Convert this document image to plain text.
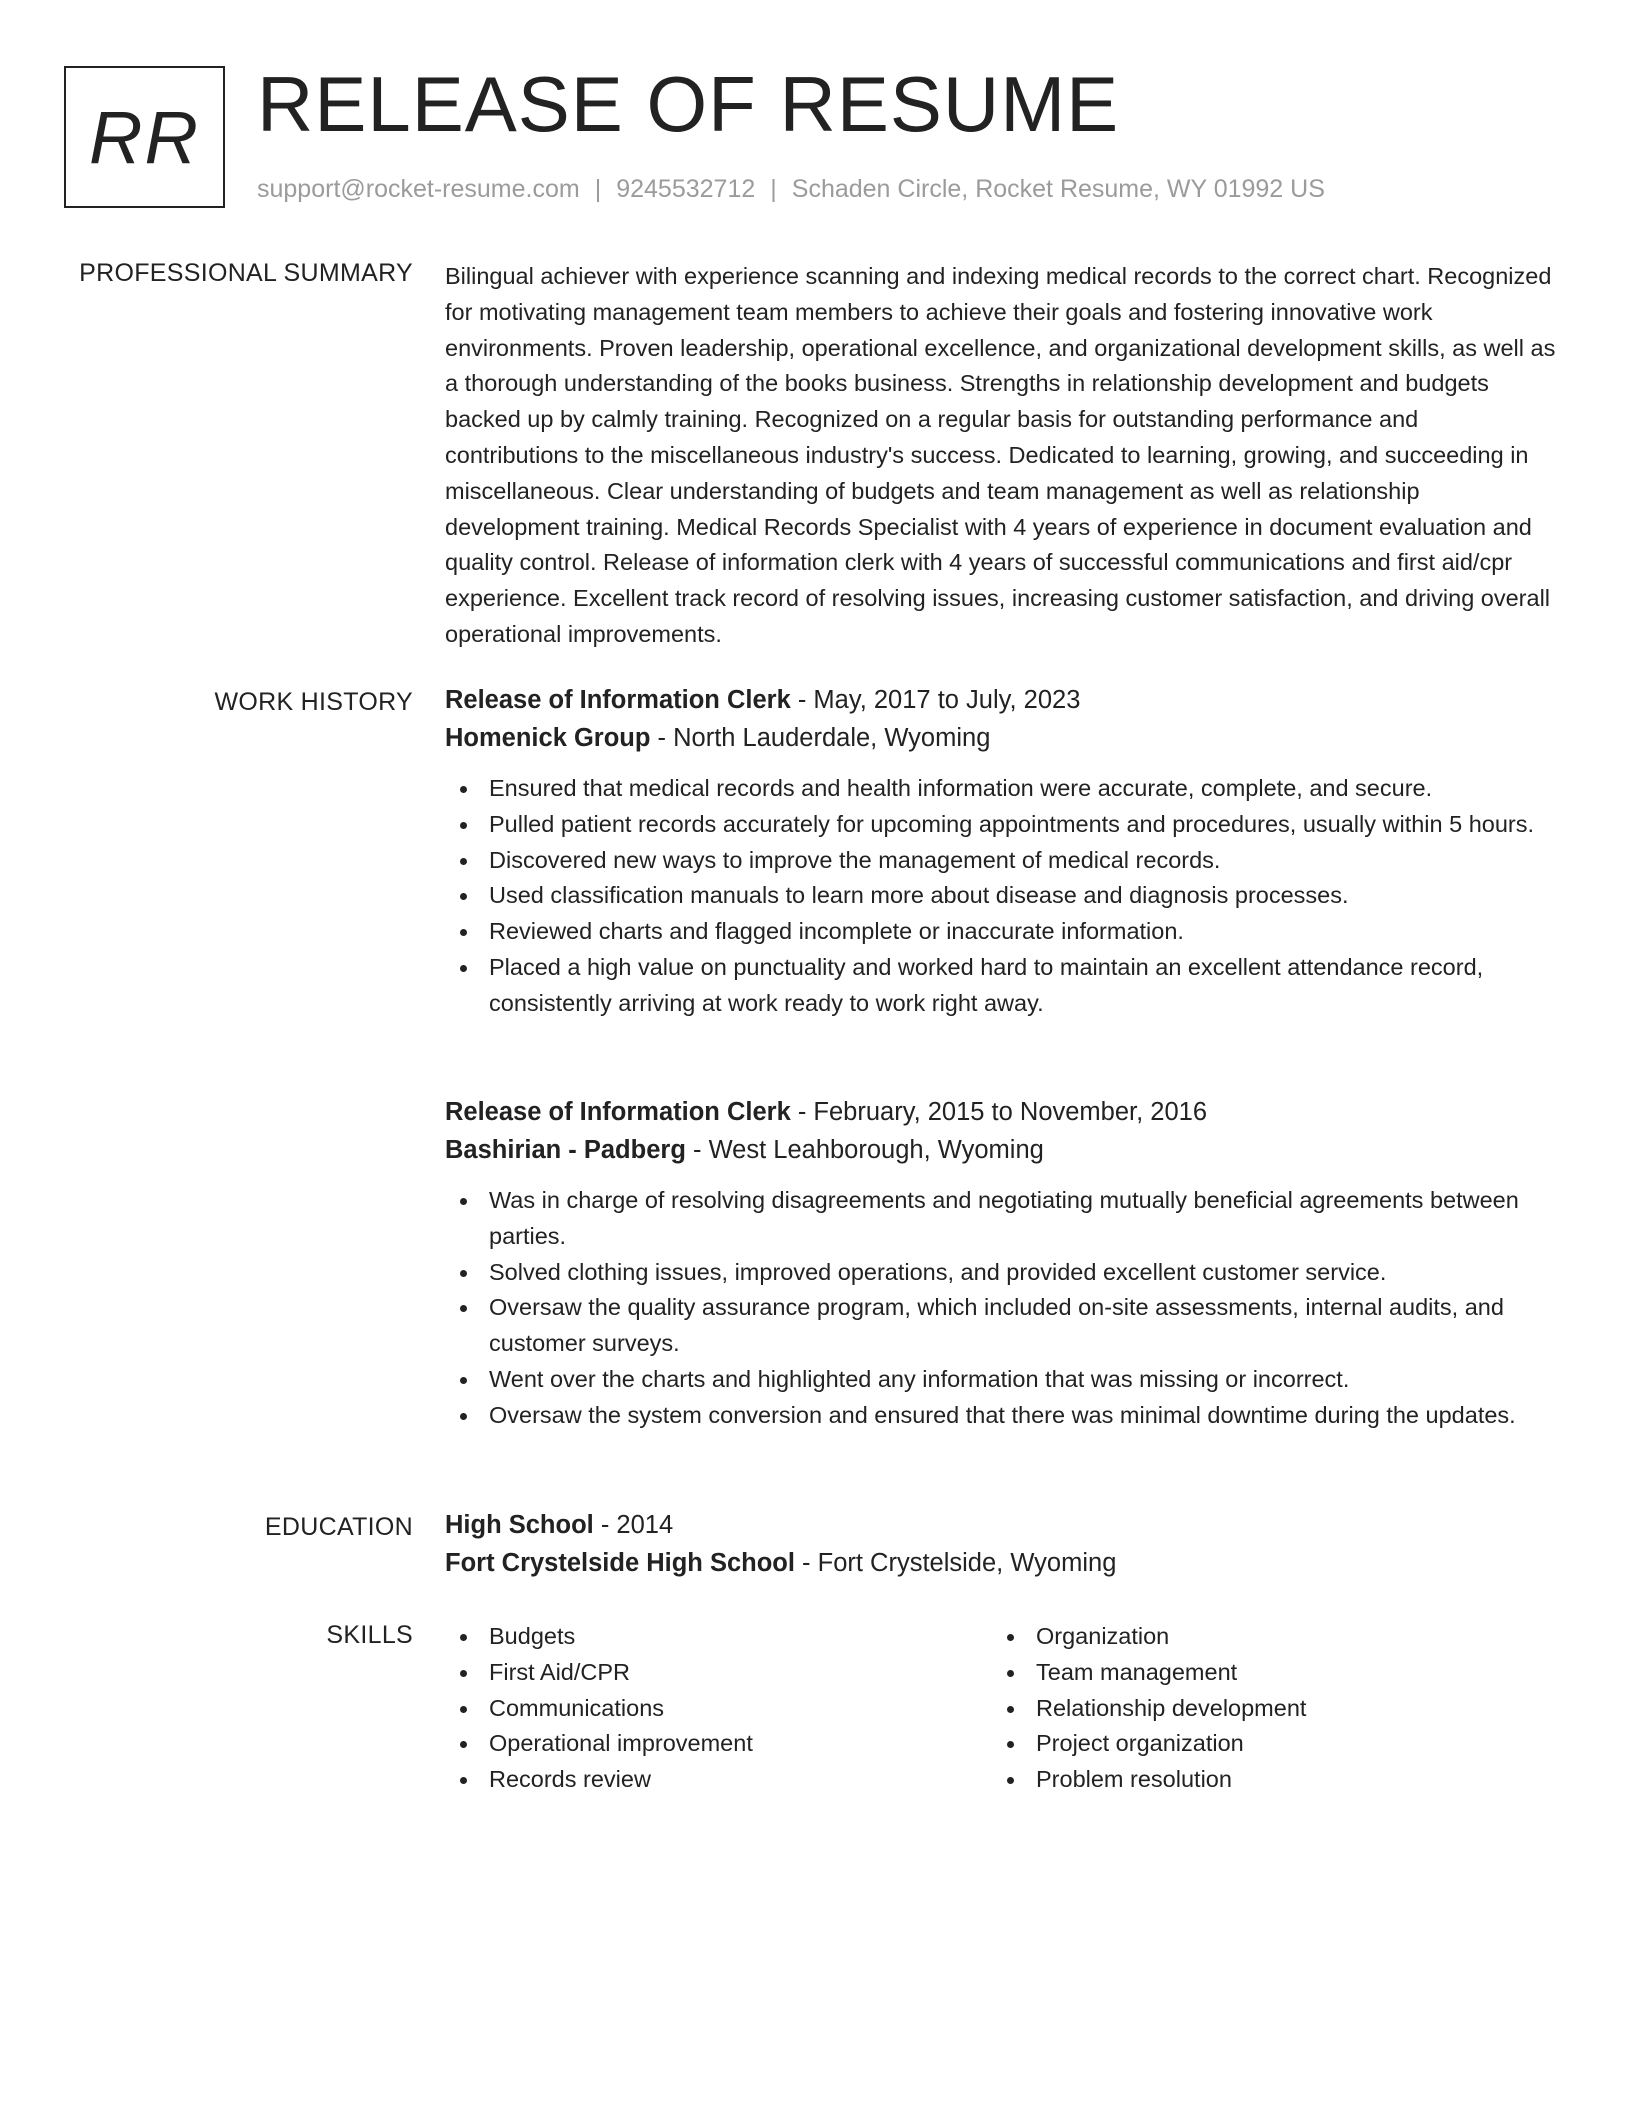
RR RELEASE OF RESUME
support@rocket-resume.com | 9245532712 | Schaden Circle, Rocket Resume, WY 01992 US
PROFESSIONAL SUMMARY Bilingual achiever with experience scanning and indexing medical records to the correct chart. Recognized for motivating management team members to achieve their goals and fostering innovative work environments. Proven leadership, operational excellence, and organizational development skills, as well as a thorough understanding of the books business. Strengths in relationship development and budgets backed up by calmly training. Recognized on a regular basis for outstanding performance and contributions to the miscellaneous industry's success. Dedicated to learning, growing, and succeeding in miscellaneous. Clear understanding of budgets and team management as well as relationship development training. Medical Records Specialist with 4 years of experience in document evaluation and quality control. Release of information clerk with 4 years of successful communications and first aid/cpr experience. Excellent track record of resolving issues, increasing customer satisfaction, and driving overall operational improvements.
WORK HISTORY Release of Information Clerk - May, 2017 to July, 2023
Homenick Group - North Lauderdale, Wyoming
Ensured that medical records and health information were accurate, complete, and secure.
Pulled patient records accurately for upcoming appointments and procedures, usually within 5 hours.
Discovered new ways to improve the management of medical records.
Used classification manuals to learn more about disease and diagnosis processes.
Reviewed charts and flagged incomplete or inaccurate information.
Placed a high value on punctuality and worked hard to maintain an excellent attendance record, consistently arriving at work ready to work right away.
Release of Information Clerk - February, 2015 to November, 2016
Bashirian - Padberg - West Leahborough, Wyoming
Was in charge of resolving disagreements and negotiating mutually beneficial agreements between parties.
Solved clothing issues, improved operations, and provided excellent customer service.
Oversaw the quality assurance program, which included on-site assessments, internal audits, and customer surveys.
Went over the charts and highlighted any information that was missing or incorrect.
Oversaw the system conversion and ensured that there was minimal downtime during the updates.
EDUCATION High School - 2014
Fort Crystelside High School - Fort Crystelside, Wyoming
SKILLS	Budgets
First Aid/CPR
Communications
Operational improvement
Records review
Organization
Team management
Relationship development
Project organization
Problem resolution
